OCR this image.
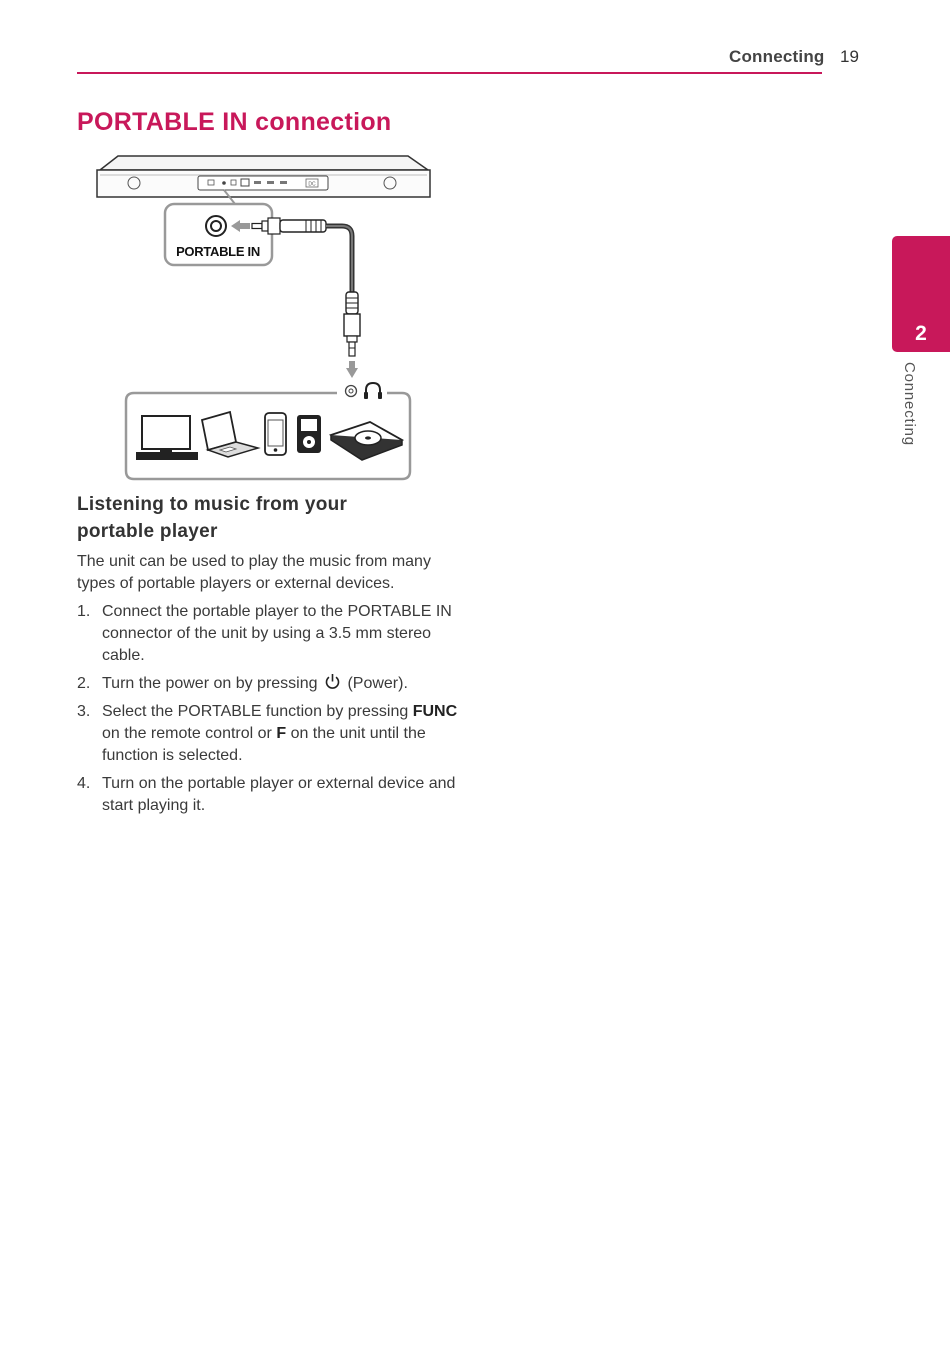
Connecting 19
PORTABLE IN connection
2
Connecting
DC
PORTABLE IN
Listening to music from your
portable player

The unit can be used to play the music from many types of portable players or external devices.

1. Connect the portable player to the PORTABLE IN connector of the unit by using a 3.5 mm stereo cable.
2. Turn the power on by pressing (Power).
3. Select the PORTABLE function by pressing FUNC on the remote control or F on the unit until the function is selected.
4. Turn on the portable player or external device and start playing it.
